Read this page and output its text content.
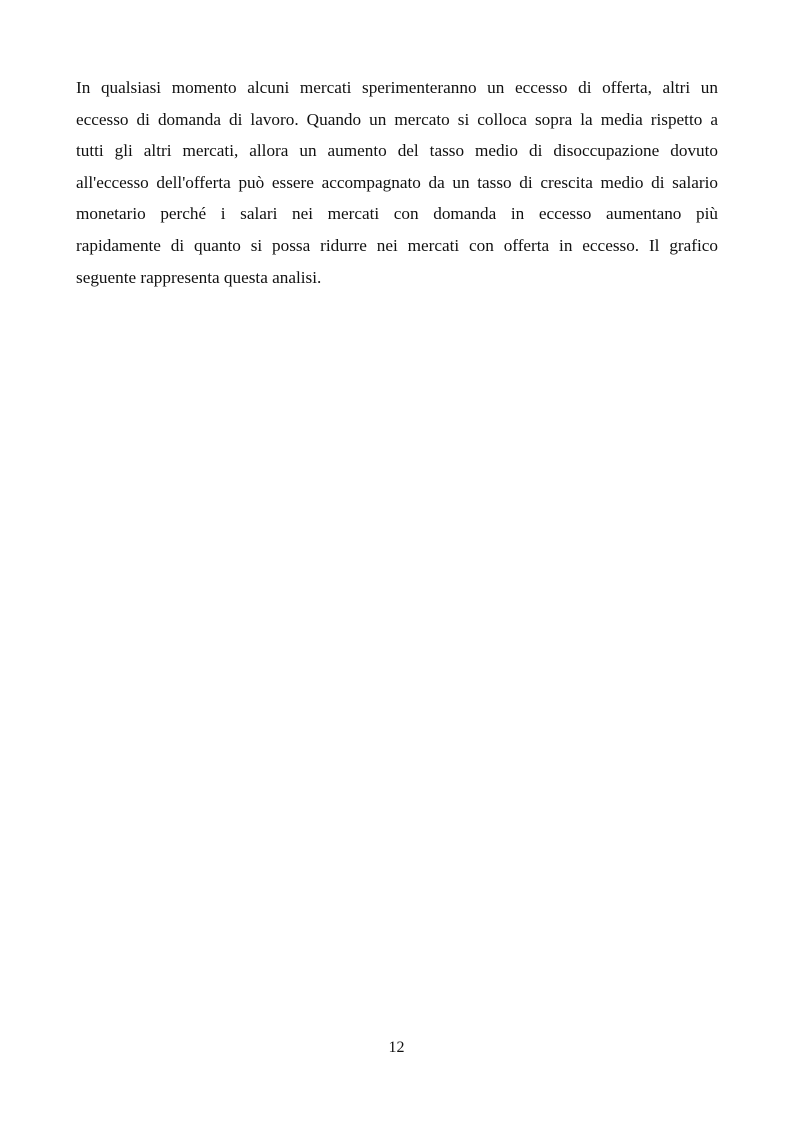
In qualsiasi momento alcuni mercati sperimenteranno un eccesso di offerta, altri un
eccesso di domanda di lavoro. Quando un mercato si colloca sopra la media rispetto a
tutti gli altri mercati, allora un aumento del tasso medio di disoccupazione dovuto
all'eccesso dell'offerta può essere accompagnato da un tasso di crescita medio di salario
monetario perché i salari nei mercati con domanda in eccesso aumentano più
rapidamente di quanto si possa ridurre nei mercati con offerta in eccesso. Il grafico
seguente rappresenta questa analisi.

12
